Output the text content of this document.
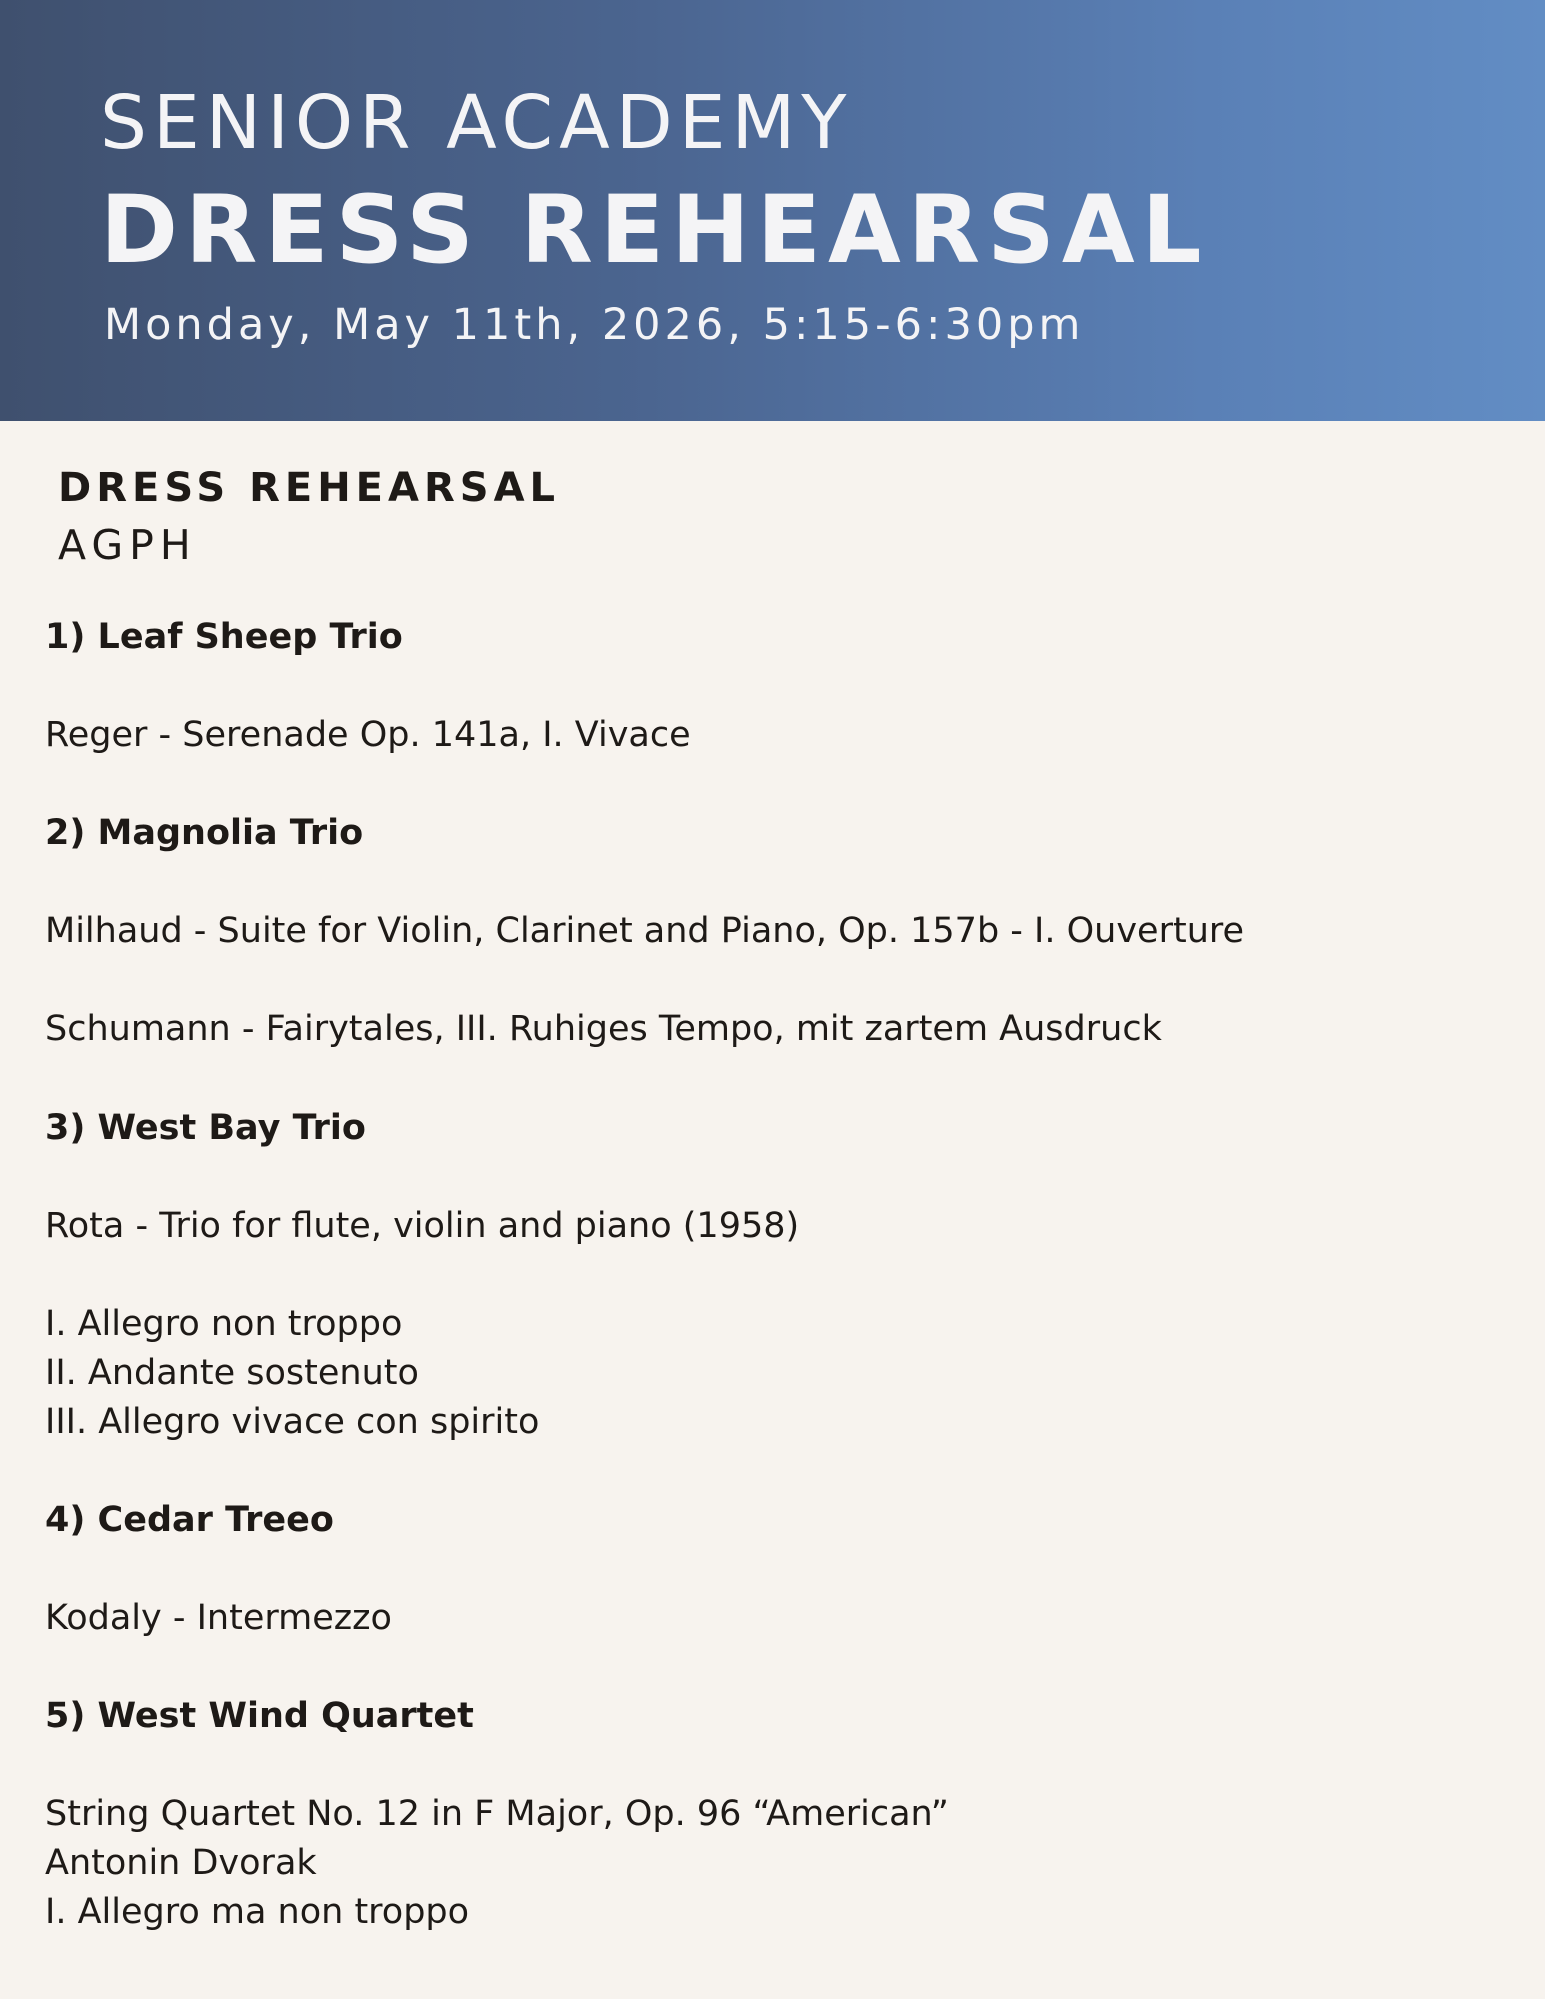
SENIOR ACADEMY
DRESS REHEARSAL
Monday, May 11th, 2026, 5:15-6:30pm
DRESS REHEARSAL
AGPH
1) Leaf Sheep Trio
Reger - Serenade Op. 141a, I. Vivace
2) Magnolia Trio
Milhaud - Suite for Violin, Clarinet and Piano, Op. 157b - I. Ouverture
Schumann - Fairytales, III. Ruhiges Tempo, mit zartem Ausdruck
3) West Bay Trio
Rota - Trio for flute, violin and piano (1958)
I. Allegro non troppo
II. Andante sostenuto
III. Allegro vivace con spirito
4) Cedar Treeo
Kodaly - Intermezzo
5) West Wind Quartet
String Quartet No. 12 in F Major, Op. 96 “American”
Antonin Dvorak
I. Allegro ma non troppo
